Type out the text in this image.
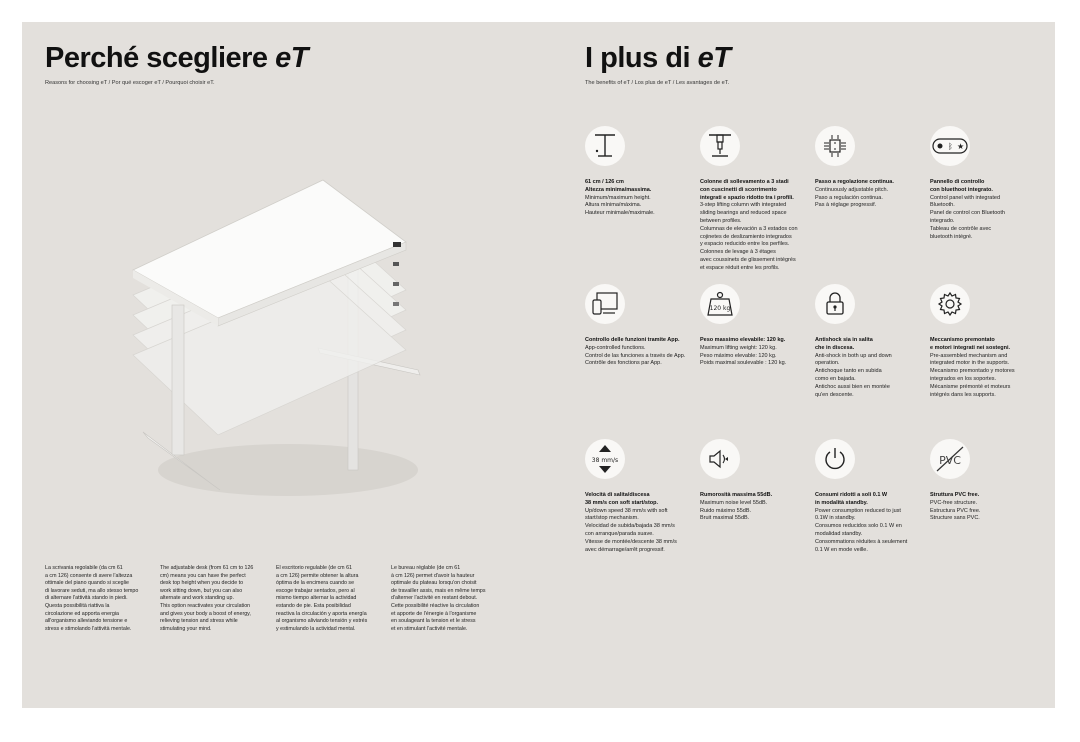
Perché scegliere eT
Reasons for choosing eT / Por qué escoger eT / Pourquoi choisir eT.
La scrivania regolabile (da cm 61
a cm 126) consente di avere l'altezza
ottimale del piano quando si sceglie
di lavorare seduti, ma allo stesso tempo
di alternare l'attività stando in piedi.
Questa possibilità riattiva la
circolazione ed apporta energia
all'organismo alleviando tensione e
stress e stimolando l'attività mentale.
The adjustable desk (from 61 cm to 126
cm) means you can have the perfect
desk top height when you decide to
work sitting down, but you can also
alternate and work standing up.
This option reactivates your circulation
and gives your body a boost of energy,
relieving tension and stress while
stimulating your mind.
El escritorio regulable (de cm 61
a cm 126) permite obtener la altura
óptima de la encimera cuando se
escoge trabajar sentados, pero al
mismo tiempo alternar la actividad
estando de pie. Esta posibilidad
reactiva la circulación y aporta energía
al organismo aliviando tensión y estrés
y estimulando la actividad mental.
Le bureau réglable (de cm 61
à cm 126) permet d'avoir la hauteur
optimale du plateau lorsqu'on choisit
de travailler assis, mais en même temps
d'alterner l'activité en restant debout.
Cette possibilité réactive la circulation
et apporte de l'énergie à l'organisme
en soulageant la tension et le stress
et en stimulant l'activité mentale.
I plus di eT
The benefits of eT / Los plus de eT / Les avantages de eT.
61 cm / 126 cm
Altezza minima/massima.
Minimum/maximum height.
Altura mínima/máxima.
Hauteur minimale/maximale.
Colonne di sollevamento a 3 stadi
con cuscinetti di scorrimento
integrati e spazio ridotto tra i profili.
3-step lifting column with integrated
sliding bearings and reduced space
between profiles.
Columnas de elevación a 3 estados con
cojinetes de deslizamiento integrados
y espacio reducido entre los perfiles.
Colonnes de levage à 3 étages
avec coussinets de glissement intégrés
et espace réduit entre les profils.
Passo a regolazione continua.
Continuously adjustable pitch.
Paso a regulación continua.
Pas à réglage progressif.
ᛒ ★
Pannello di controllo
con bluethoot integrato.
Control panel with integrated
Bluetooth.
Panel de control con Bluetooth
integrado.
Tableau de contrôle avec
bluetooth intégré.
Controllo delle funzioni tramite App.
App-controlled functions.
Control de las funciones a través de App.
Contrôle des fonctions par App.
120 kg
Peso massimo elevabile: 120 kg.
Maximum lifting weight: 120 kg.
Peso máximo elevable: 120 kg.
Poids maximal soulevable : 120 kg.
Antishock sia in salita
che in discesa.
Anti-shock in both up and down
operation.
Antichoque tanto en subida
como en bajada.
Antichoc aussi bien en montée
qu'en descente.
Meccanismo premontato
e motori integrati nei sostegni.
Pre-assembled mechanism and
integrated motor in the supports.
Mecanismo premontado y motores
integrados en los soportes.
Mécanisme prémonté et moteurs
intégrés dans les supports.
38 mm/s
Velocità di salita/discesa
38 mm/s con soft start/stop.
Up/down speed 38 mm/s with soft
start/stop mechanism.
Velocidad de subida/bajada 38 mm/s
con arranque/parada suave.
Vitesse de montée/descente 38 mm/s
avec démarrage/arrêt progressif.
Rumorosità massima 55dB.
Maximum noise level 55dB.
Ruido máximo 55dB.
Bruit maximal 55dB.
Consumi ridotti a soli 0.1 W
in modalità standby.
Power consumption reduced to just
0.1W in standby.
Consumos reducidos solo 0.1 W en
modalidad standby.
Consommations réduites à seulement
0.1 W en mode veille.
PVC
Struttura PVC free.
PVC-free structure.
Estructura PVC free.
Structure sans PVC.
